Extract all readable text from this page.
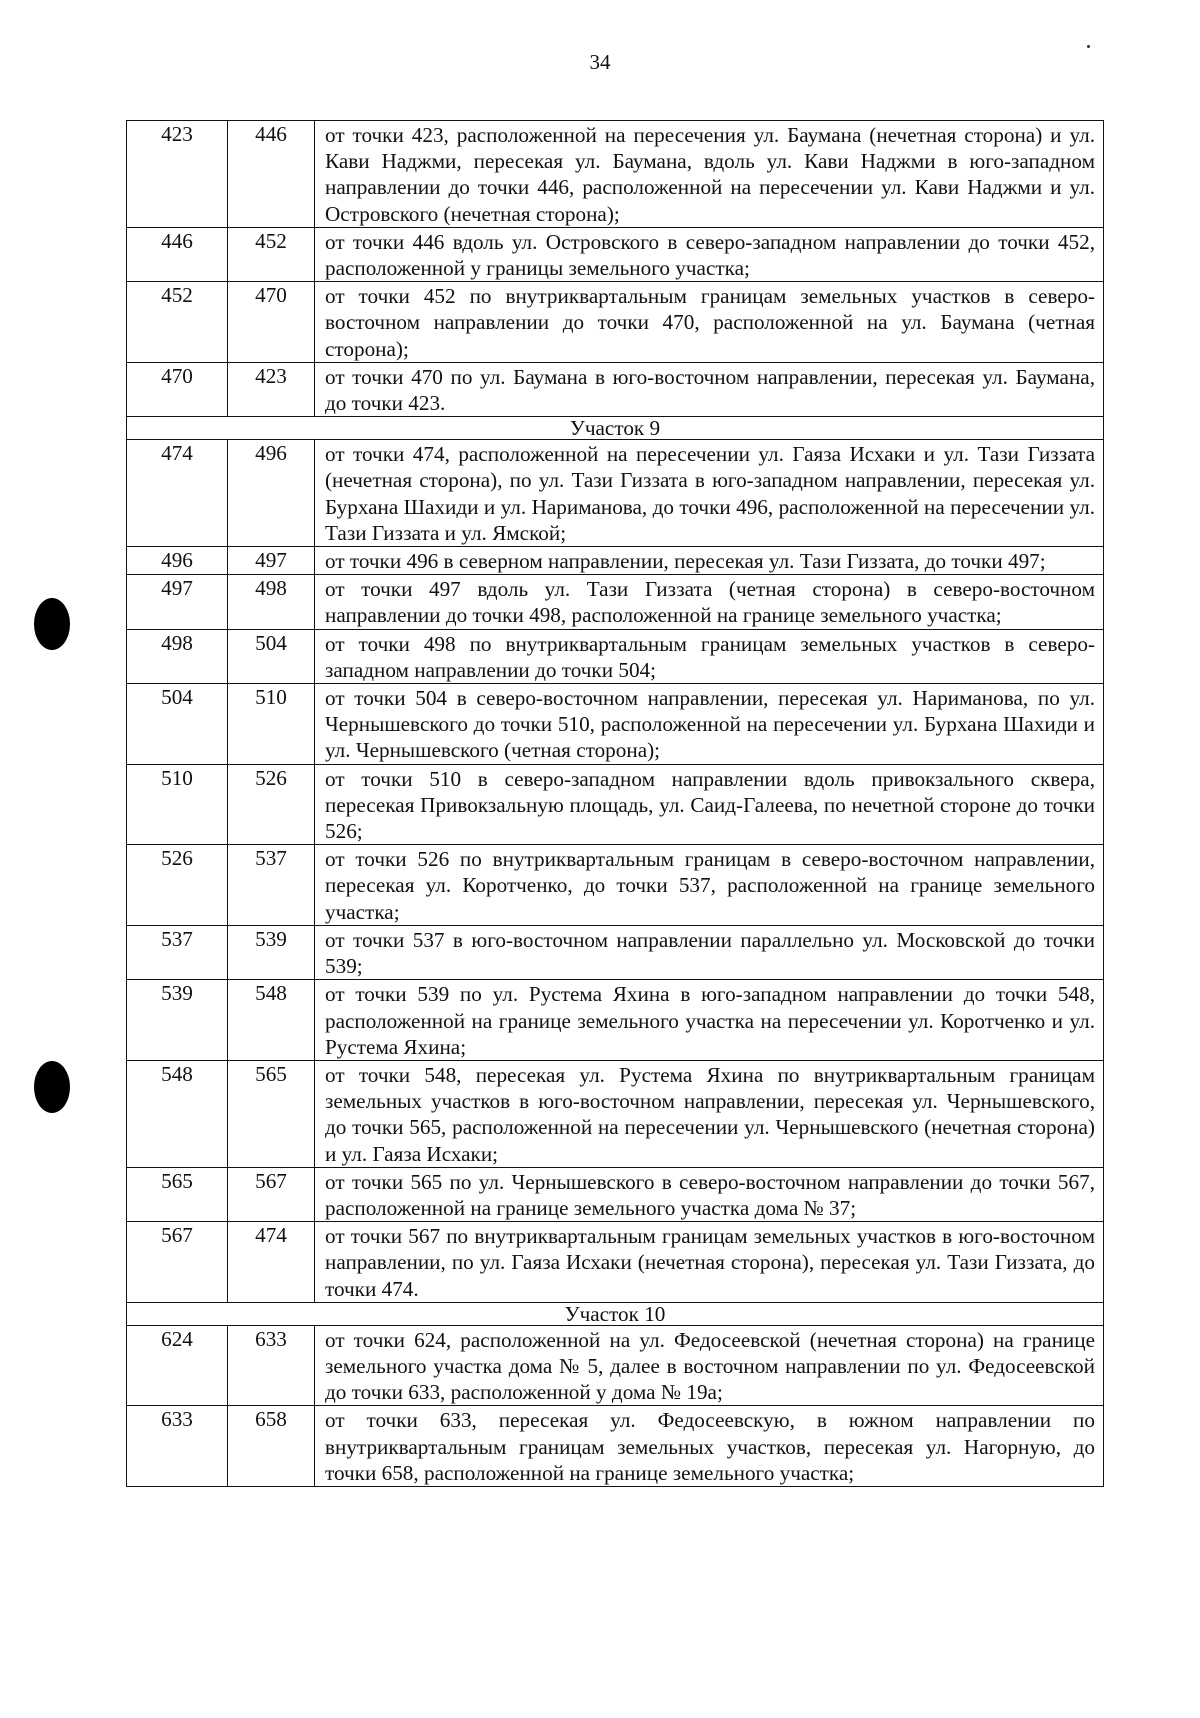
34
423	446	от точки 423, расположенной на пересечения ул. Баумана (нечетная сторона) и ул. Кави Наджми, пересекая ул. Баумана, вдоль ул. Кави Наджми в юго-западном направлении до точки 446, расположенной на пересечении ул. Кави Наджми и ул. Островского (нечетная сторона);
446	452	от точки 446 вдоль ул. Островского в северо-западном направлении до точки 452, расположенной у границы земельного участка;
452	470	от точки 452 по внутриквартальным границам земельных участков в северо-восточном направлении до точки 470, расположенной на ул. Баумана (четная сторона);
470	423	от точки 470 по ул. Баумана в юго-восточном направлении, пересекая ул. Баумана, до точки 423.
Участок 9		
474	496	от точки 474, расположенной на пересечении ул. Гаяза Исхаки и ул. Тази Гиззата (нечетная сторона), по ул. Тази Гиззата в юго-западном направлении, пересекая ул. Бурхана Шахиди и ул. Нариманова, до точки 496, расположенной на пересечении ул. Тази Гиззата и ул. Ямской;
496	497	от точки 496 в северном направлении, пересекая ул. Тази Гиззата, до точки 497;
497	498	от точки 497 вдоль ул. Тази Гиззата (четная сторона) в северо-восточном направлении до точки 498, расположенной на границе земельного участка;
498	504	от точки 498 по внутриквартальным границам земельных участков в северо-западном направлении до точки 504;
504	510	от точки 504 в северо-восточном направлении, пересекая ул. Нариманова, по ул. Чернышевского до точки 510, расположенной на пересечении ул. Бурхана Шахиди и ул. Чернышевского (четная сторона);
510	526	от точки 510 в северо-западном направлении вдоль привокзального сквера, пересекая Привокзальную площадь, ул. Саид-Галеева, по нечетной стороне до точки 526;
526	537	от точки 526 по внутриквартальным границам в северо-восточном направлении, пересекая ул. Коротченко, до точки 537, расположенной на границе земельного участка;
537	539	от точки 537 в юго-восточном направлении параллельно ул. Московской до точки 539;
539	548	от точки 539 по ул. Рустема Яхина в юго-западном направлении до точки 548, расположенной на границе земельного участка на пересечении ул. Коротченко и ул. Рустема Яхина;
548	565	от точки 548, пересекая ул. Рустема Яхина по внутриквартальным границам земельных участков в юго-восточном направлении, пересекая ул. Чернышевского, до точки 565, расположенной на пересечении ул. Чернышевского (нечетная сторона) и ул. Гаяза Исхаки;
565	567	от точки 565 по ул. Чернышевского в северо-восточном направлении до точки 567, расположенной на границе земельного участка дома № 37;
567	474	от точки 567 по внутриквартальным границам земельных участков в юго-восточном направлении, по ул. Гаяза Исхаки (нечетная сторона), пересекая ул. Тази Гиззата, до точки 474.
Участок 10		
624	633	от точки 624, расположенной на ул. Федосеевской (нечетная сторона) на границе земельного участка дома № 5, далее в восточном направлении по ул. Федосеевской до точки 633, расположенной у дома № 19а;
633	658	от точки 633, пересекая ул. Федосеевскую, в южном направлении по внутриквартальным границам земельных участков, пересекая ул. Нагорную, до точки 658, расположенной на границе земельного участка;
